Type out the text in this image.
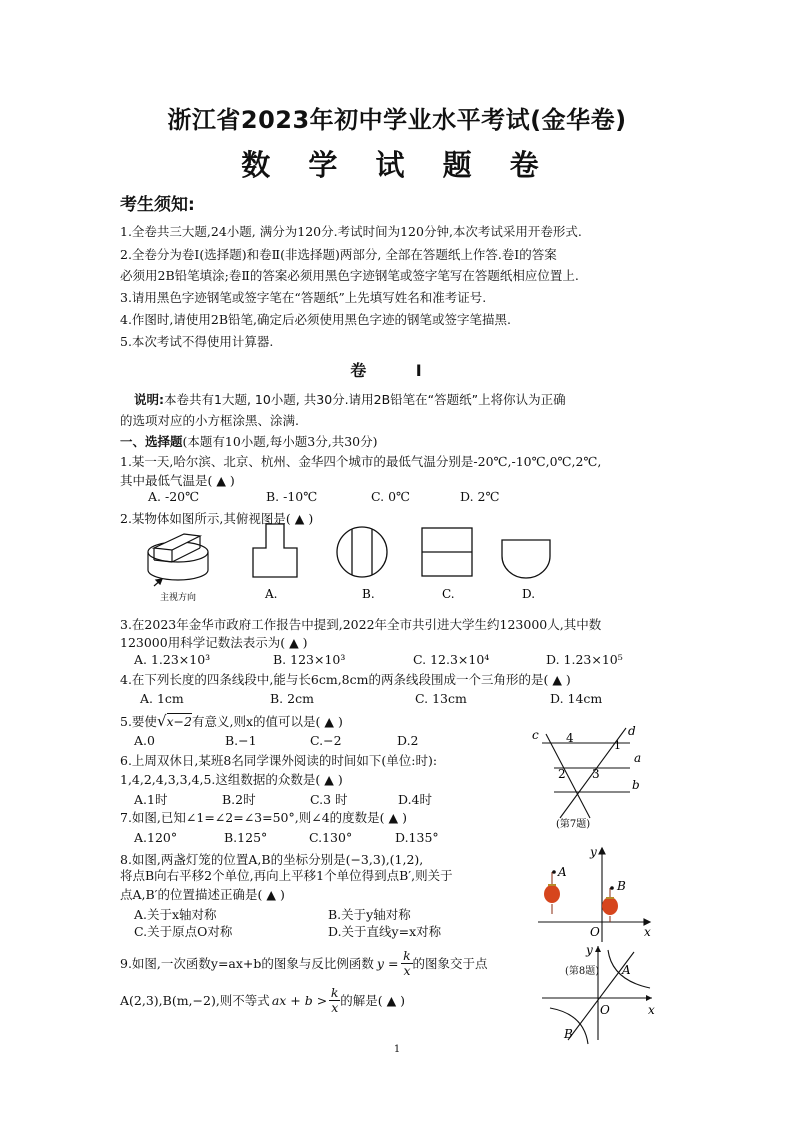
浙江省2023年初中学业水平考试(金华卷)
数 学 试 题 卷
考生须知:
1.全卷共三大题,24小题, 满分为120分.考试时间为120分钟,本次考试采用开卷形式.
2.全卷分为卷Ⅰ(选择题)和卷Ⅱ(非选择题)两部分, 全部在答题纸上作答.卷Ⅰ的答案
必须用2B铅笔填涂;卷Ⅱ的答案必须用黑色字迹钢笔或签字笔写在答题纸相应位置上.
3.请用黑色字迹钢笔或签字笔在“答题纸”上先填写姓名和准考证号.
4.作图时,请使用2B铅笔,确定后必须使用黑色字迹的钢笔或签字笔描黑.
5.本次考试不得使用计算器.
卷 Ⅰ
说明:本卷共有1大题, 10小题, 共30分.请用2B铅笔在“答题纸”上将你认为正确
的选项对应的小方框涂黑、涂满.
一、选择题(本题有10小题,每小题3分,共30分)
1.某一天,哈尔滨、北京、杭州、金华四个城市的最低气温分别是-20℃,-10℃,0℃,2℃,
其中最低气温是( ▲ )
A. -20℃	B. -10℃	C. 0℃	D. 2℃
2.某物体如图所示,其俯视图是( ▲ )
主视方向	A.	B.	C.	D.
3.在2023年金华市政府工作报告中提到,2022年全市共引进大学生约123000人,其中数
123000用科学记数法表示为( ▲ )
A. 1.23×10³	B. 123×10³	C. 12.3×10⁴	D. 1.23×10⁵
4.在下列长度的四条线段中,能与长6cm,8cm的两条线段围成一个三角形的是( ▲ )
A. 1cm	B. 2cm	C. 13cm	D. 14cm
5.要使√x−2有意义,则x的值可以是( ▲ )
A.0	B.−1	C.−2	D.2
6.上周双休日,某班8名同学课外阅读的时间如下(单位:时):
1,4,2,4,3,3,4,5.这组数据的众数是( ▲ )
A.1时	B.2时	C.3 时	D.4时
7.如图,已知∠1=∠2=∠3=50°,则∠4的度数是( ▲ )
A.120°	B.125°	C.130°	D.135°
c	d
4
1
a
2 3
b
(第7题)
8.如图,两盏灯笼的位置A,B的坐标分别是(−3,3),(1,2),
将点B向右平移2个单位,再向上平移1个单位得到点B′,则关于
点A,B′的位置描述正确是( ▲ )
A.关于x轴对称	B.关于y轴对称
C.关于原点O对称	D.关于直线y=x对称
y
A
B
O	x
(第8题)
9.如图,一次函数y=ax+b的图象与反比例函数 $y = \frac{k}{x}$ 的图象交于点
A(2,3),B(m,−2),则不等式 ax + b >
k
x 的解是( ▲ )
y
A
O	x
B
1
